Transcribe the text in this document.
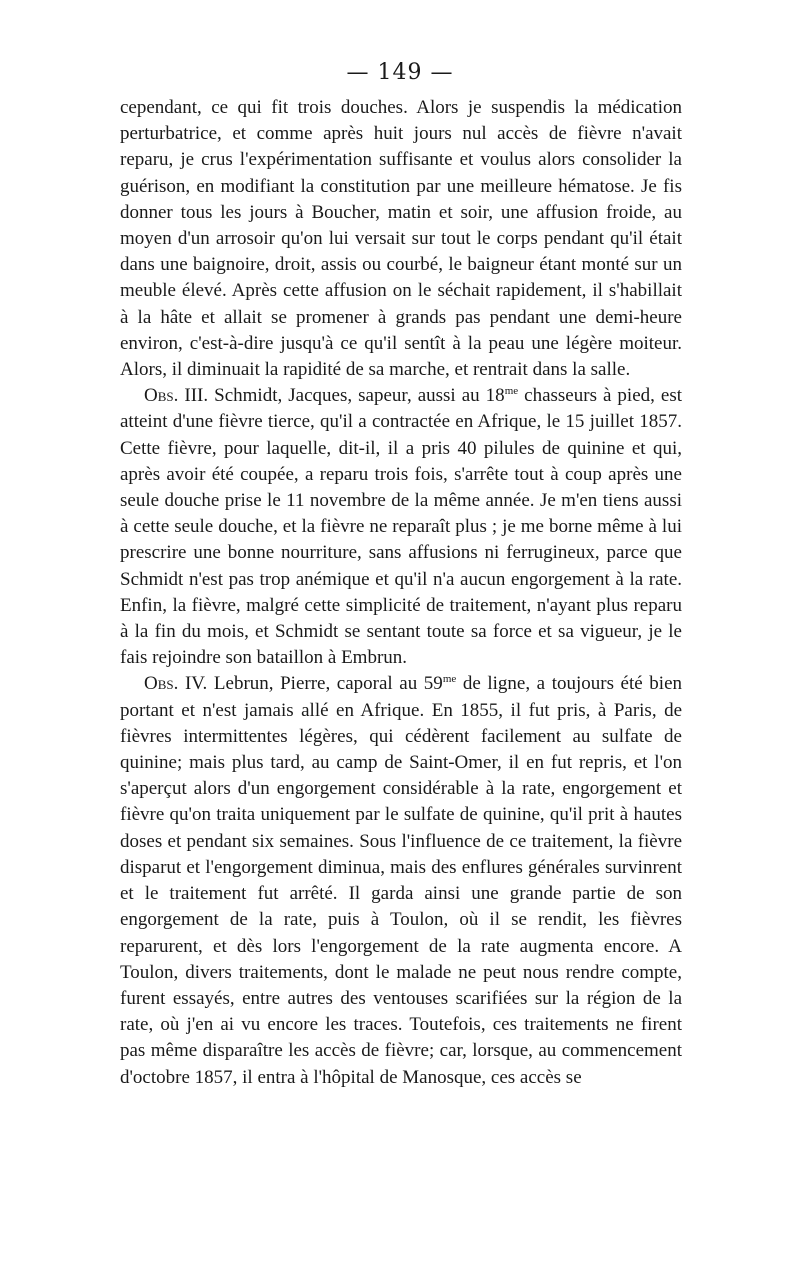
— 149 —

cependant, ce qui fit trois douches. Alors je suspendis la médication perturbatrice, et comme après huit jours nul accès de fièvre n'avait reparu, je crus l'expérimentation suffisante et voulus alors consolider la guérison, en modifiant la constitution par une meilleure hématose. Je fis donner tous les jours à Boucher, matin et soir, une affusion froide, au moyen d'un arrosoir qu'on lui versait sur tout le corps pendant qu'il était dans une baignoire, droit, assis ou courbé, le baigneur étant monté sur un meuble élevé. Après cette affusion on le séchait rapidement, il s'habillait à la hâte et allait se promener à grands pas pendant une demi-heure environ, c'est-à-dire jusqu'à ce qu'il sentît à la peau une légère moiteur. Alors, il diminuait la rapidité de sa marche, et rentrait dans la salle.

Obs. III. Schmidt, Jacques, sapeur, aussi au $18^{me}$ chasseurs à pied, est atteint d'une fièvre tierce, qu'il a contractée en Afrique, le 15 juillet 1857. Cette fièvre, pour laquelle, dit-il, il a pris 40 pilules de quinine et qui, après avoir été coupée, a reparu trois fois, s'arrête tout à coup après une seule douche prise le 11 novembre de la même année. Je m'en tiens aussi à cette seule douche, et la fièvre ne reparaît plus ; je me borne même à lui prescrire une bonne nourriture, sans affusions ni ferrugineux, parce que Schmidt n'est pas trop anémique et qu'il n'a aucun engorgement à la rate. Enfin, la fièvre, malgré cette simplicité de traitement, n'ayant plus reparu à la fin du mois, et Schmidt se sentant toute sa force et sa vigueur, je le fais rejoindre son bataillon à Embrun.

Obs. IV. Lebrun, Pierre, caporal au $59^{me}$ de ligne, a toujours été bien portant et n'est jamais allé en Afrique. En 1855, il fut pris, à Paris, de fièvres intermittentes légères, qui cédèrent facilement au sulfate de quinine; mais plus tard, au camp de Saint-Omer, il en fut repris, et l'on s'aperçut alors d'un engorgement considérable à la rate, engorgement et fièvre qu'on traita uniquement par le sulfate de quinine, qu'il prit à hautes doses et pendant six semaines. Sous l'influence de ce traitement, la fièvre disparut et l'engorgement diminua, mais des enflures générales survinrent et le traitement fut arrêté. Il garda ainsi une grande partie de son engorgement de la rate, puis à Toulon, où il se rendit, les fièvres reparurent, et dès lors l'engorgement de la rate augmenta encore. A Toulon, divers traitements, dont le malade ne peut nous rendre compte, furent essayés, entre autres des ventouses scarifiées sur la région de la rate, où j'en ai vu encore les traces. Toutefois, ces traitements ne firent pas même disparaître les accès de fièvre; car, lorsque, au commencement d'octobre 1857, il entra à l'hôpital de Manosque, ces accès se
